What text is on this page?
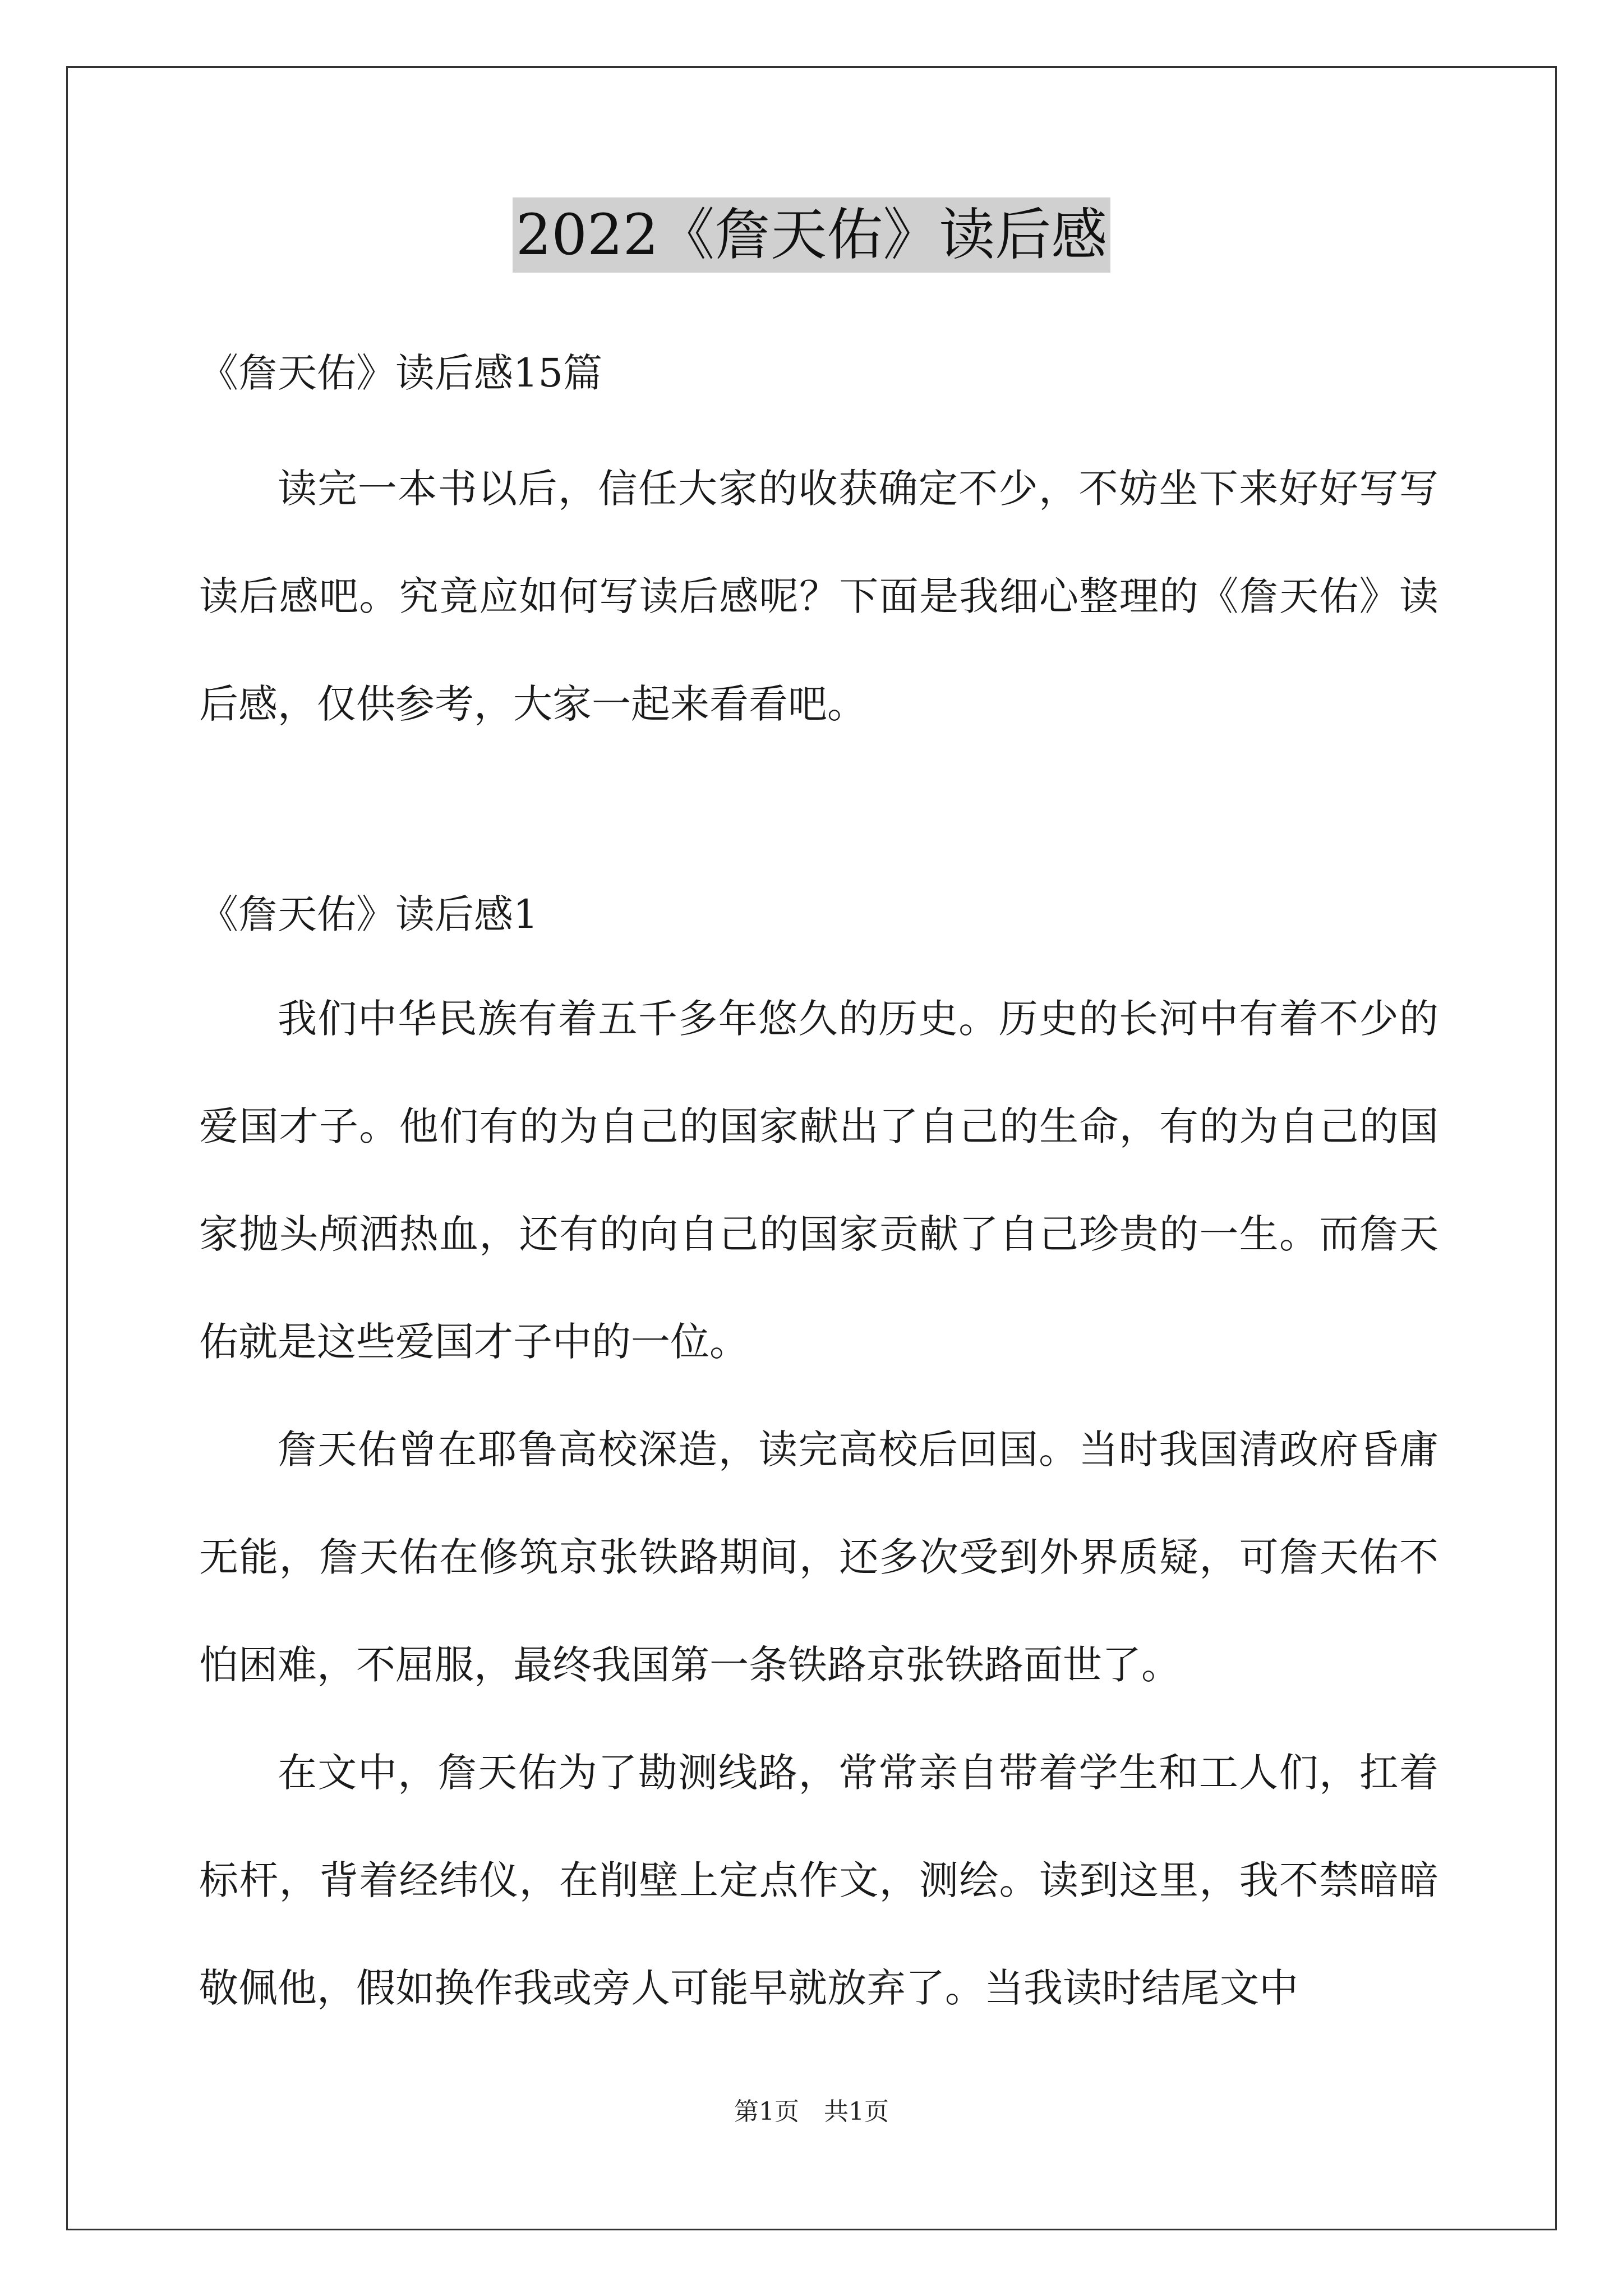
2022《詹天佑》读后感
《詹天佑》读后感15篇
读完一本书以后，信任大家的收获确定不少，不妨坐下来好好写写读后感吧。究竟应如何写读后感呢？下面是我细心整理的《詹天佑》读后感，仅供参考，大家一起来看看吧。
《詹天佑》读后感1
我们中华民族有着五千多年悠久的历史。历史的长河中有着不少的爱国才子。他们有的为自己的国家献出了自己的生命，有的为自己的国家抛头颅洒热血，还有的向自己的国家贡献了自己珍贵的一生。而詹天佑就是这些爱国才子中的一位。
詹天佑曾在耶鲁高校深造，读完高校后回国。当时我国清政府昏庸无能，詹天佑在修筑京张铁路期间，还多次受到外界质疑，可詹天佑不怕困难，不屈服，最终我国第一条铁路京张铁路面世了。
在文中，詹天佑为了勘测线路，常常亲自带着学生和工人们，扛着标杆，背着经纬仪，在削壁上定点作文，测绘。读到这里，我不禁暗暗敬佩他，假如换作我或旁人可能早就放弃了。当我读时结尾文中
第1页　共1页
